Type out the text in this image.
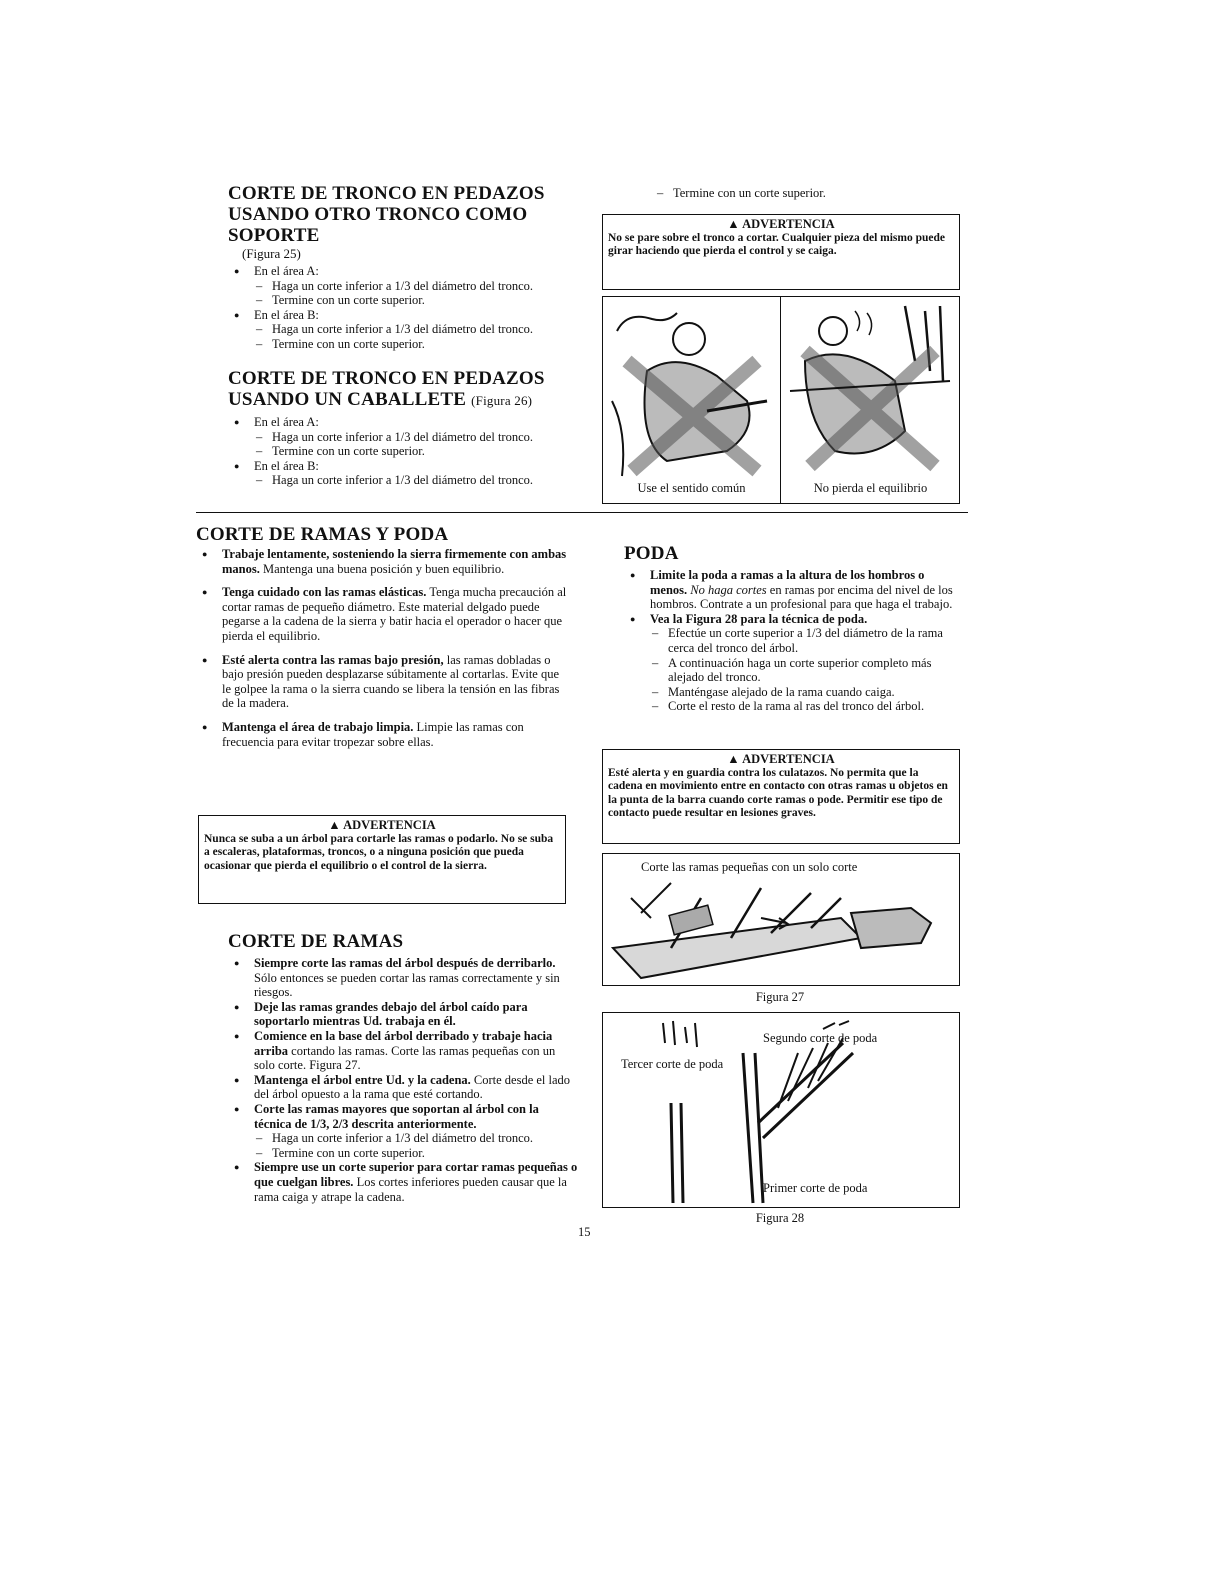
CORTE DE TRONCO EN PEDAZOS USANDO OTRO TRONCO COMO SOPORTE
(Figura 25)
● En el área A:
– Haga un corte inferior a 1/3 del diámetro del tronco.
– Termine con un corte superior.
● En el área B:
– Haga un corte inferior a 1/3 del diámetro del tronco.
– Termine con un corte superior.
CORTE DE TRONCO EN PEDAZOS USANDO UN CABALLETE (Figura 26)
● En el área A:
– Haga un corte inferior a 1/3 del diámetro del tronco.
– Termine con un corte superior.
● En el área B:
– Haga un corte inferior a 1/3 del diámetro del tronco.
– Termine con un corte superior.
▲ ADVERTENCIA
No se pare sobre el tronco a cortar. Cualquier pieza del mismo puede girar haciendo que pierda el control y se caiga.
Use el sentido común	No pierda el equilibrio
CORTE DE RAMAS Y PODA
● Trabaje lentamente, sosteniendo la sierra firmemente con ambas manos. Mantenga una buena posición y buen equilibrio.
● Tenga cuidado con las ramas elásticas. Tenga mucha precaución al cortar ramas de pequeño diámetro. Este material delgado puede pegarse a la cadena de la sierra y batir hacia el operador o hacer que pierda el equilibrio.
● Esté alerta contra las ramas bajo presión, las ramas dobladas o bajo presión pueden desplazarse súbitamente al cortarlas. Evite que le golpee la rama o la sierra cuando se libera la tensión en las fibras de la madera.
● Mantenga el área de trabajo limpia. Limpie las ramas con frecuencia para evitar tropezar sobre ellas.
▲ ADVERTENCIA
Nunca se suba a un árbol para cortarle las ramas o podarlo. No se suba a escaleras, plataformas, troncos, o a ninguna posición que pueda ocasionar que pierda el equilibrio o el control de la sierra.
CORTE DE RAMAS
● Siempre corte las ramas del árbol después de derribarlo. Sólo entonces se pueden cortar las ramas correctamente y sin riesgos.
● Deje las ramas grandes debajo del árbol caído para soportarlo mientras Ud. trabaja en él.
● Comience en la base del árbol derribado y trabaje hacia arriba cortando las ramas. Corte las ramas pequeñas con un solo corte. Figura 27.
● Mantenga el árbol entre Ud. y la cadena. Corte desde el lado del árbol opuesto a la rama que esté cortando.
● Corte las ramas mayores que soportan al árbol con la técnica de 1/3, 2/3 descrita anteriormente.
– Haga un corte inferior a 1/3 del diámetro del tronco.
– Termine con un corte superior.
● Siempre use un corte superior para cortar ramas pequeñas o que cuelgan libres. Los cortes inferiores pueden causar que la rama caiga y atrape la cadena.
PODA
● Limite la poda a ramas a la altura de los hombros o menos. No haga cortes en ramas por encima del nivel de los hombros. Contrate a un profesional para que haga el trabajo.
● Vea la Figura 28 para la técnica de poda.
– Efectúe un corte superior a 1/3 del diámetro de la rama cerca del tronco del árbol.
– A continuación haga un corte superior completo más alejado del tronco.
– Manténgase alejado de la rama cuando caiga.
– Corte el resto de la rama al ras del tronco del árbol.
▲ ADVERTENCIA
Esté alerta y en guardia contra los culatazos. No permita que la cadena en movimiento entre en contacto con otras ramas u objetos en la punta de la barra cuando corte ramas o pode. Permitir ese tipo de contacto puede resultar en lesiones graves.
Corte las ramas pequeñas con un solo corte
Figura 27
Segundo corte de poda
Tercer corte de poda
Primer corte de poda
Figura 28
15
